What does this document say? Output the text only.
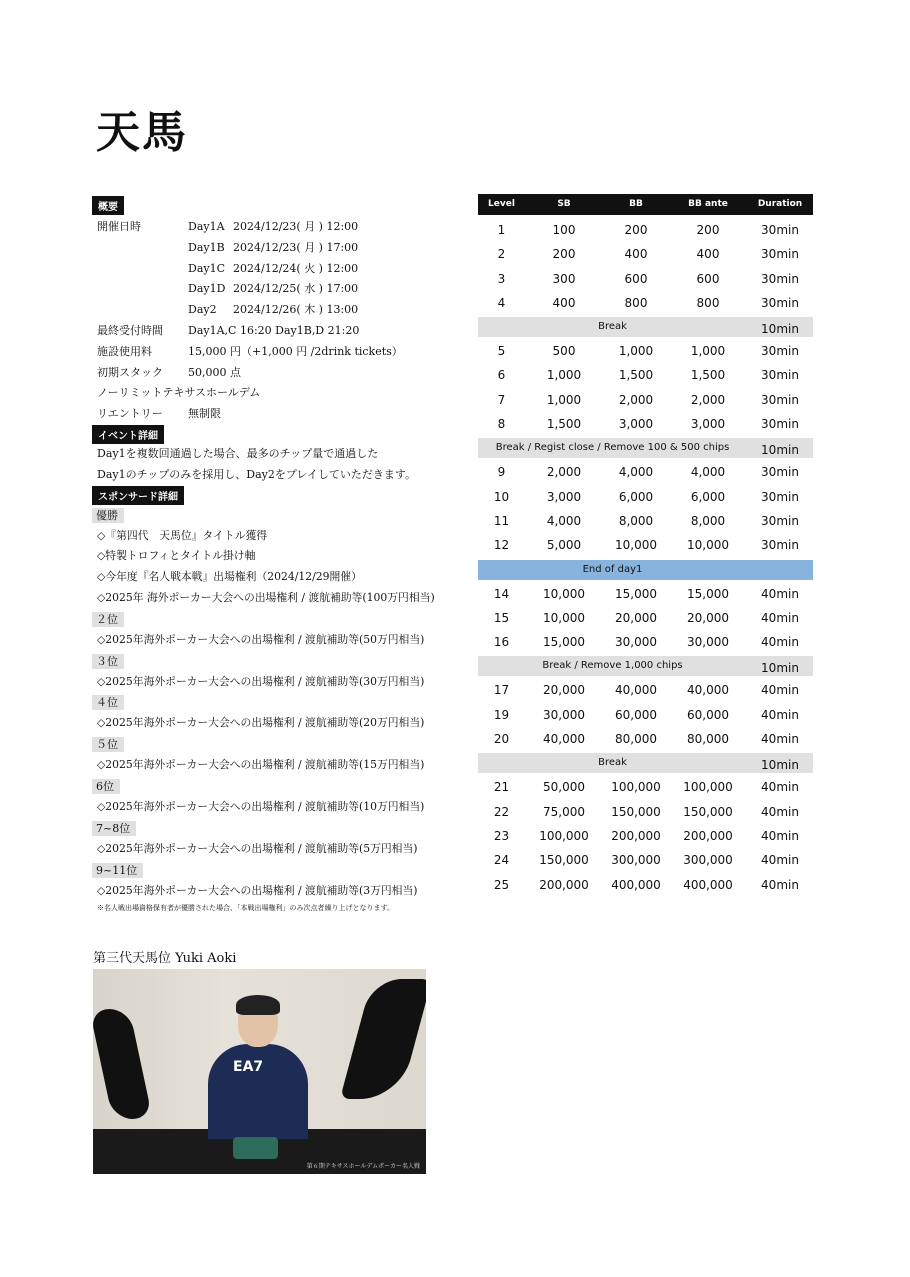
天馬
概要
開催日時	Day1A 2024/12/23( 月 ) 12:00
Day1B 2024/12/23( 月 ) 17:00
Day1C 2024/12/24( 火 ) 12:00
Day1D 2024/12/25( 水 ) 17:00
Day2 2024/12/26( 木 ) 13:00
最終受付時間 Day1A,C 16:20 Day1B,D 21:20
施設使用料	15,000 円（+1,000 円 /2drink tickets）
初期スタック 50,000 点
ノーリミットテキサスホールデム
リエントリー 無制限
イベント詳細
Day1を複数回通過した場合、最多のチップ量で通過した
Day1のチップのみを採用し、Day2をプレイしていただきます。
スポンサード詳細
優勝
◇『第四代　天馬位』タイトル獲得
◇特製トロフィとタイトル掛け軸
◇今年度『名人戦本戦』出場権利（2024/12/29開催）
◇2025年 海外ポーカー大会への出場権利 / 渡航補助等(100万円相当)
２位
◇2025年海外ポーカー大会への出場権利 / 渡航補助等(50万円相当)
３位
◇2025年海外ポーカー大会への出場権利 / 渡航補助等(30万円相当)
４位
◇2025年海外ポーカー大会への出場権利 / 渡航補助等(20万円相当)
５位
◇2025年海外ポーカー大会への出場権利 / 渡航補助等(15万円相当)
6位
◇2025年海外ポーカー大会への出場権利 / 渡航補助等(10万円相当)
7~8位
◇2025年海外ポーカー大会への出場権利 / 渡航補助等(5万円相当)
9~11位
◇2025年海外ポーカー大会への出場権利 / 渡航補助等(3万円相当)
※名人戦出場資格保有者が優勝された場合、「本戦出場権利」のみ次点者繰り上げとなります。
第三代天馬位 Yuki Aoki
EA7
第６期テキサスホールデムポーカー名人戦
Level	SB	BB	BB ante	Duration
1	100	200	200	30min
2	200	400	400	30min
3	300	600	600	30min
4	400	800	800	30min
Break	10min
5	500	1,000	1,000	30min
6	1,000	1,500	1,500	30min
7	1,000	2,000	2,000	30min
8	1,500	3,000	3,000	30min
Break / Regist close / Remove 100 & 500 chips	10min
9	2,000	4,000	4,000	30min
10	3,000	6,000	6,000	30min
11	4,000	8,000	8,000	30min
12	5,000	10,000	10,000	30min
End of day1
14	10,000	15,000	15,000	40min
15	10,000	20,000	20,000	40min
16	15,000	30,000	30,000	40min
Break / Remove 1,000 chips	10min
17	20,000	40,000	40,000	40min
19	30,000	60,000	60,000	40min
20	40,000	80,000	80,000	40min
Break	10min
21	50,000	100,000	100,000	40min
22	75,000	150,000	150,000	40min
23	100,000	200,000	200,000	40min
24	150,000	300,000	300,000	40min
25	200,000	400,000	400,000	40min
